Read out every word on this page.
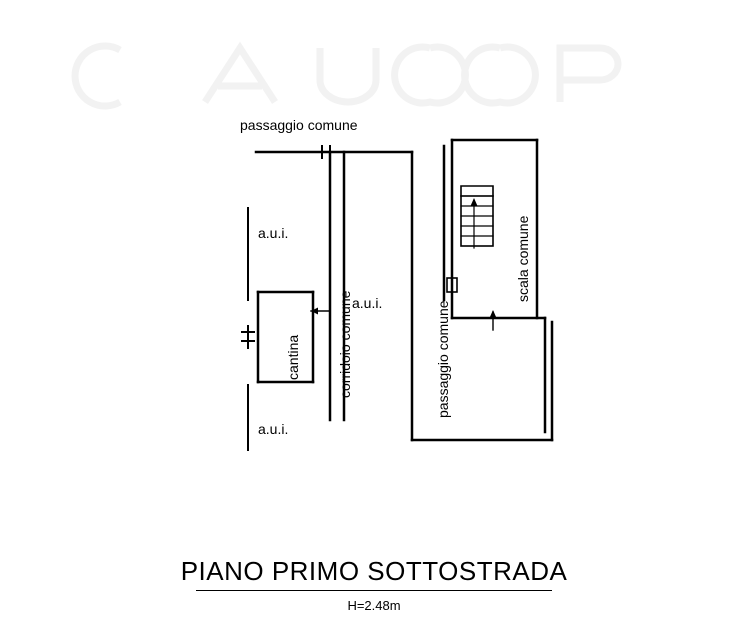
passaggio comune
a.u.i.
a.u.i.
a.u.i.
cantina	corridoio comune	passaggio comune
scala comune
PIANO PRIMO SOTTOSTRADA
H=2.48m
